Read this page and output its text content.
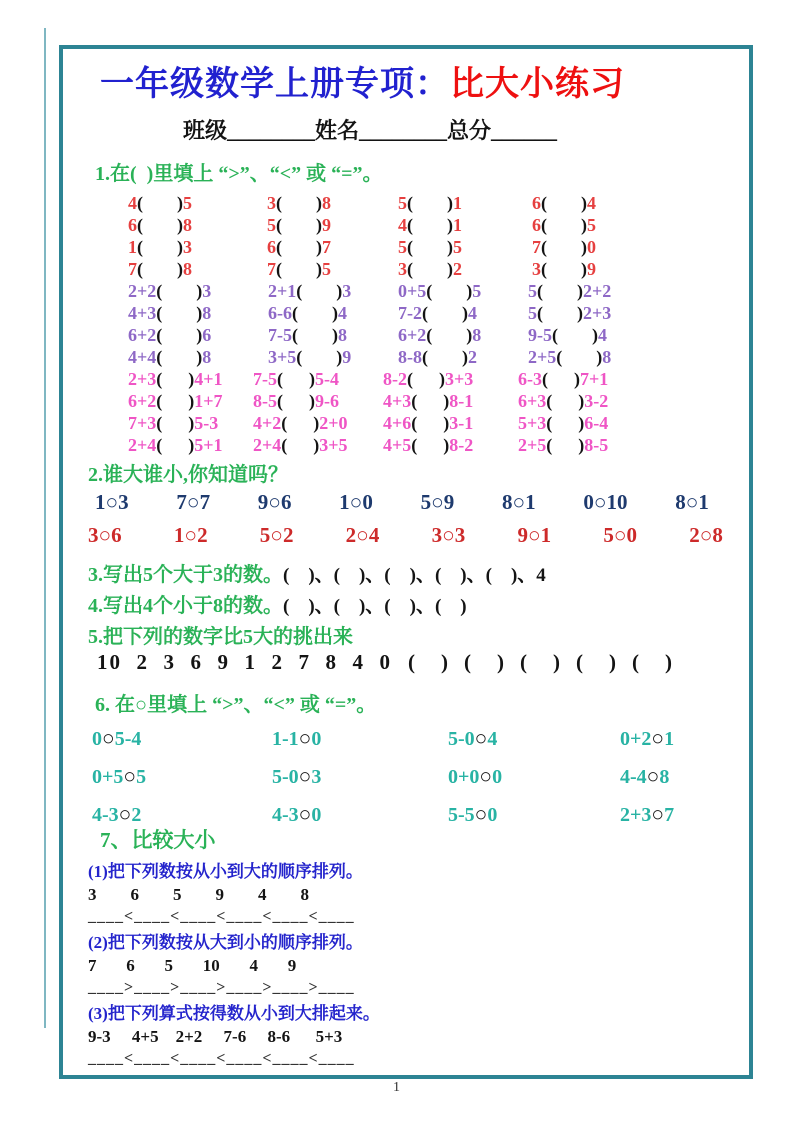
一年级数学上册专项：比大小练习
班级________姓名________总分______
1.在(  )里填上 “>”、“<” 或 “=”。
4( )5	3( )8	5( )1	6( )4
6( )8	5( )9	4( )1	6( )5
1( )3	6( )7	5( )5	7( )0
7( )8	7( )5	3( )2	3( )9
2+2( )3	2+1( )3	0+5( )5	5( )2+2
4+3( )8	6-6( )4	7-2( )4	5( )2+3
6+2( )6	7-5( )8	6+2( )8	9-5( )4
4+4( )8	3+5( )9	8-8( )2	2+5( )8
2+3( )4+1	7-5( )5-4	8-2( )3+3	6-3( )7+1
6+2( )1+7	8-5( )9-6	4+3( )8-1	6+3( )3-2
7+3( )5-3	4+2( )2+0	4+6( )3-1	5+3( )6-4
2+4( )5+1	2+4( )3+5	4+5( )8-2	2+5( )8-5
2.谁大谁小,你知道吗？
1○3 7○7 9○6 1○0 5○9 8○1 0○10 8○1
3○6 1○2 5○2 2○4 3○3 9○1 5○0 2○8
3.写出5个大于3的数。(　)、(　)、(　)、(　)、(　)、4
4.写出4个小于8的数。(　)、(　)、(　)、(　)
5.把下列的数字比5大的挑出来
10  2  3  6  9  1  2  7  8  4  0 ( ) ( ) ( ) ( ) ( )
6. 在○里填上 “>”、“<” 或 “=”。
0○5-4	1-1○0	5-0○4	0+2○1
0+5○5	5-0○3	0+0○0	4-4○8
4-3○2	4-3○0	5-5○0	2+3○7
7、比较大小
(1)把下列数按从小到大的顺序排列。
3        6        5        9        4        8
____<____<____<____<____<____
(2)把下列数按从大到小的顺序排列。
7       6       5       10       4       9
____>____>____>____>____>____
(3)把下列算式按得数从小到大排起来。
9-3     4+5    2+2     7-6     8-6      5+3
____<____<____<____<____<____
1
